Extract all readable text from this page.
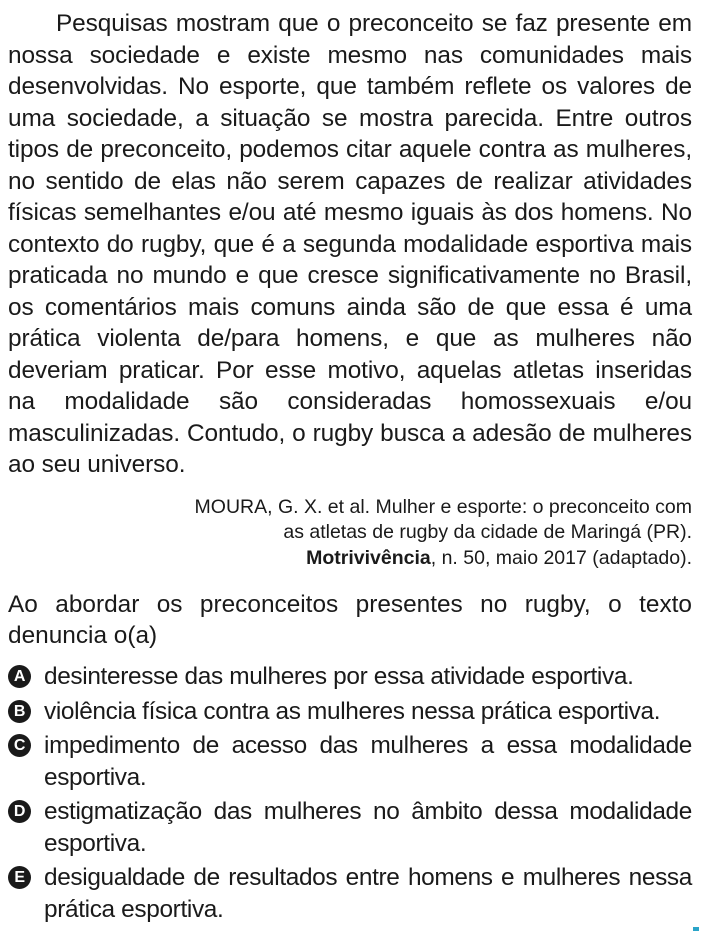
Pesquisas mostram que o preconceito se faz presente em nossa sociedade e existe mesmo nas comunidades mais desenvolvidas. No esporte, que também reflete os valores de uma sociedade, a situação se mostra parecida. Entre outros tipos de preconceito, podemos citar aquele contra as mulheres, no sentido de elas não serem capazes de realizar atividades físicas semelhantes e/ou até mesmo iguais às dos homens. No contexto do rugby, que é a segunda modalidade esportiva mais praticada no mundo e que cresce significativamente no Brasil, os comentários mais comuns ainda são de que essa é uma prática violenta de/para homens, e que as mulheres não deveriam praticar. Por esse motivo, aquelas atletas inseridas na modalidade são consideradas homossexuais e/ou masculinizadas. Contudo, o rugby busca a adesão de mulheres ao seu universo.

MOURA, G. X. et al. Mulher e esporte: o preconceito com
as atletas de rugby da cidade de Maringá (PR).
Motrivivência, n. 50, maio 2017 (adaptado).
Ao abordar os preconceitos presentes no rugby, o texto denuncia o(a)
A desinteresse das mulheres por essa atividade esportiva.
B violência física contra as mulheres nessa prática esportiva.
C impedimento de acesso das mulheres a essa modalidade esportiva.
D estigmatização das mulheres no âmbito dessa modalidade esportiva.
E desigualdade de resultados entre homens e mulheres nessa prática esportiva.
